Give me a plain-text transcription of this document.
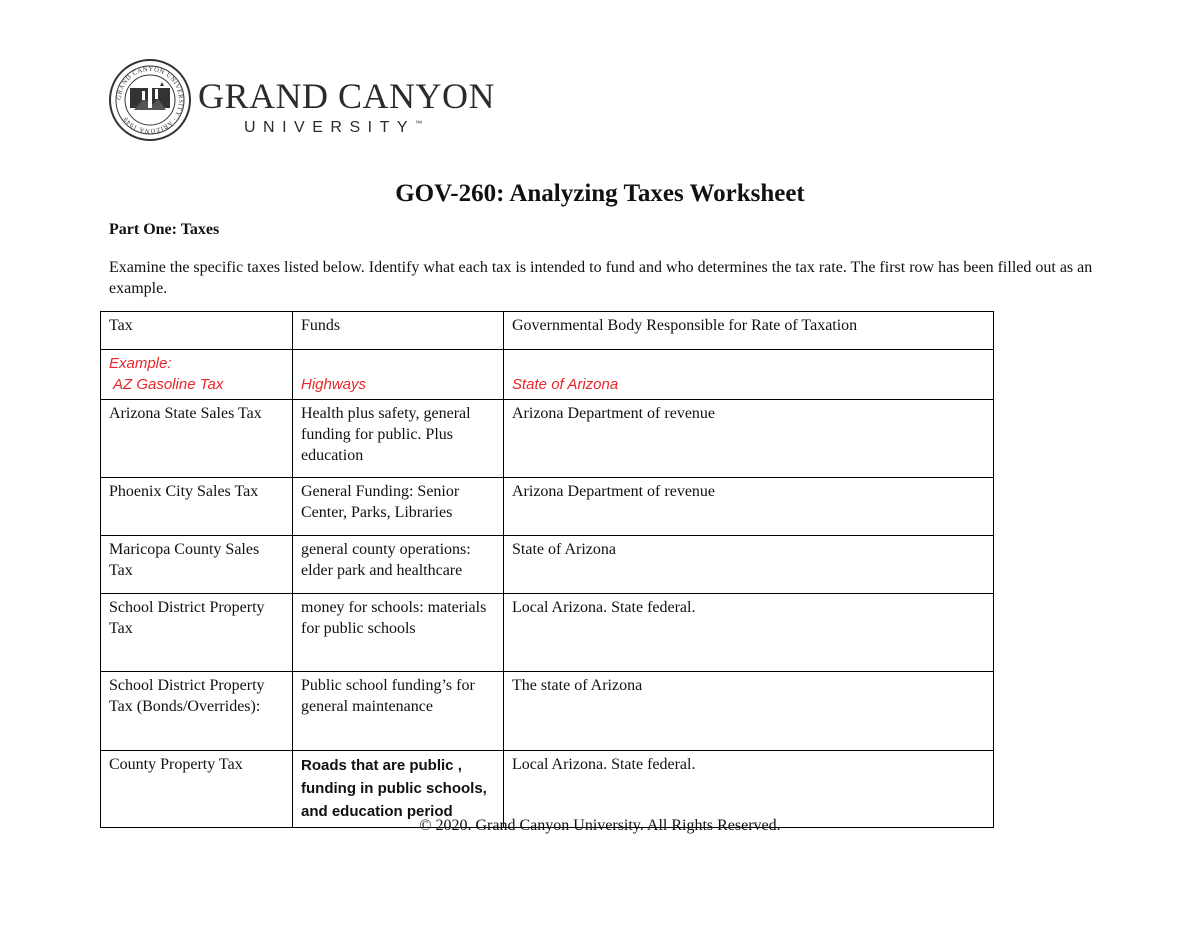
GRAND CANYON UNIVERSITY · ARIZONA 1949
GRAND CANYON
UNIVERSITY™
GOV-260: Analyzing Taxes Worksheet
Part One: Taxes
Examine the specific taxes listed below. Identify what each tax is intended to fund and who determines the tax rate. The first row has been filled out as an example.
Tax	Funds	Governmental Body Responsible for Rate of Taxation

Example:
AZ Gasoline Tax	Highways	State of Arizona
Arizona State Sales Tax	Health plus safety, general funding for public. Plus education	Arizona Department of revenue
Phoenix City Sales Tax	General Funding: Senior Center, Parks, Libraries	Arizona Department of revenue
Maricopa County Sales Tax	general county operations: elder park and healthcare	State of Arizona
School District Property Tax	money for schools: materials for public schools	Local Arizona. State federal.
School District Property Tax (Bonds/Overrides):	Public school funding’s for general maintenance	The state of Arizona
County Property Tax	Roads that are public , funding in public schools, and education period	Local Arizona. State federal.
© 2020. Grand Canyon University. All Rights Reserved.
